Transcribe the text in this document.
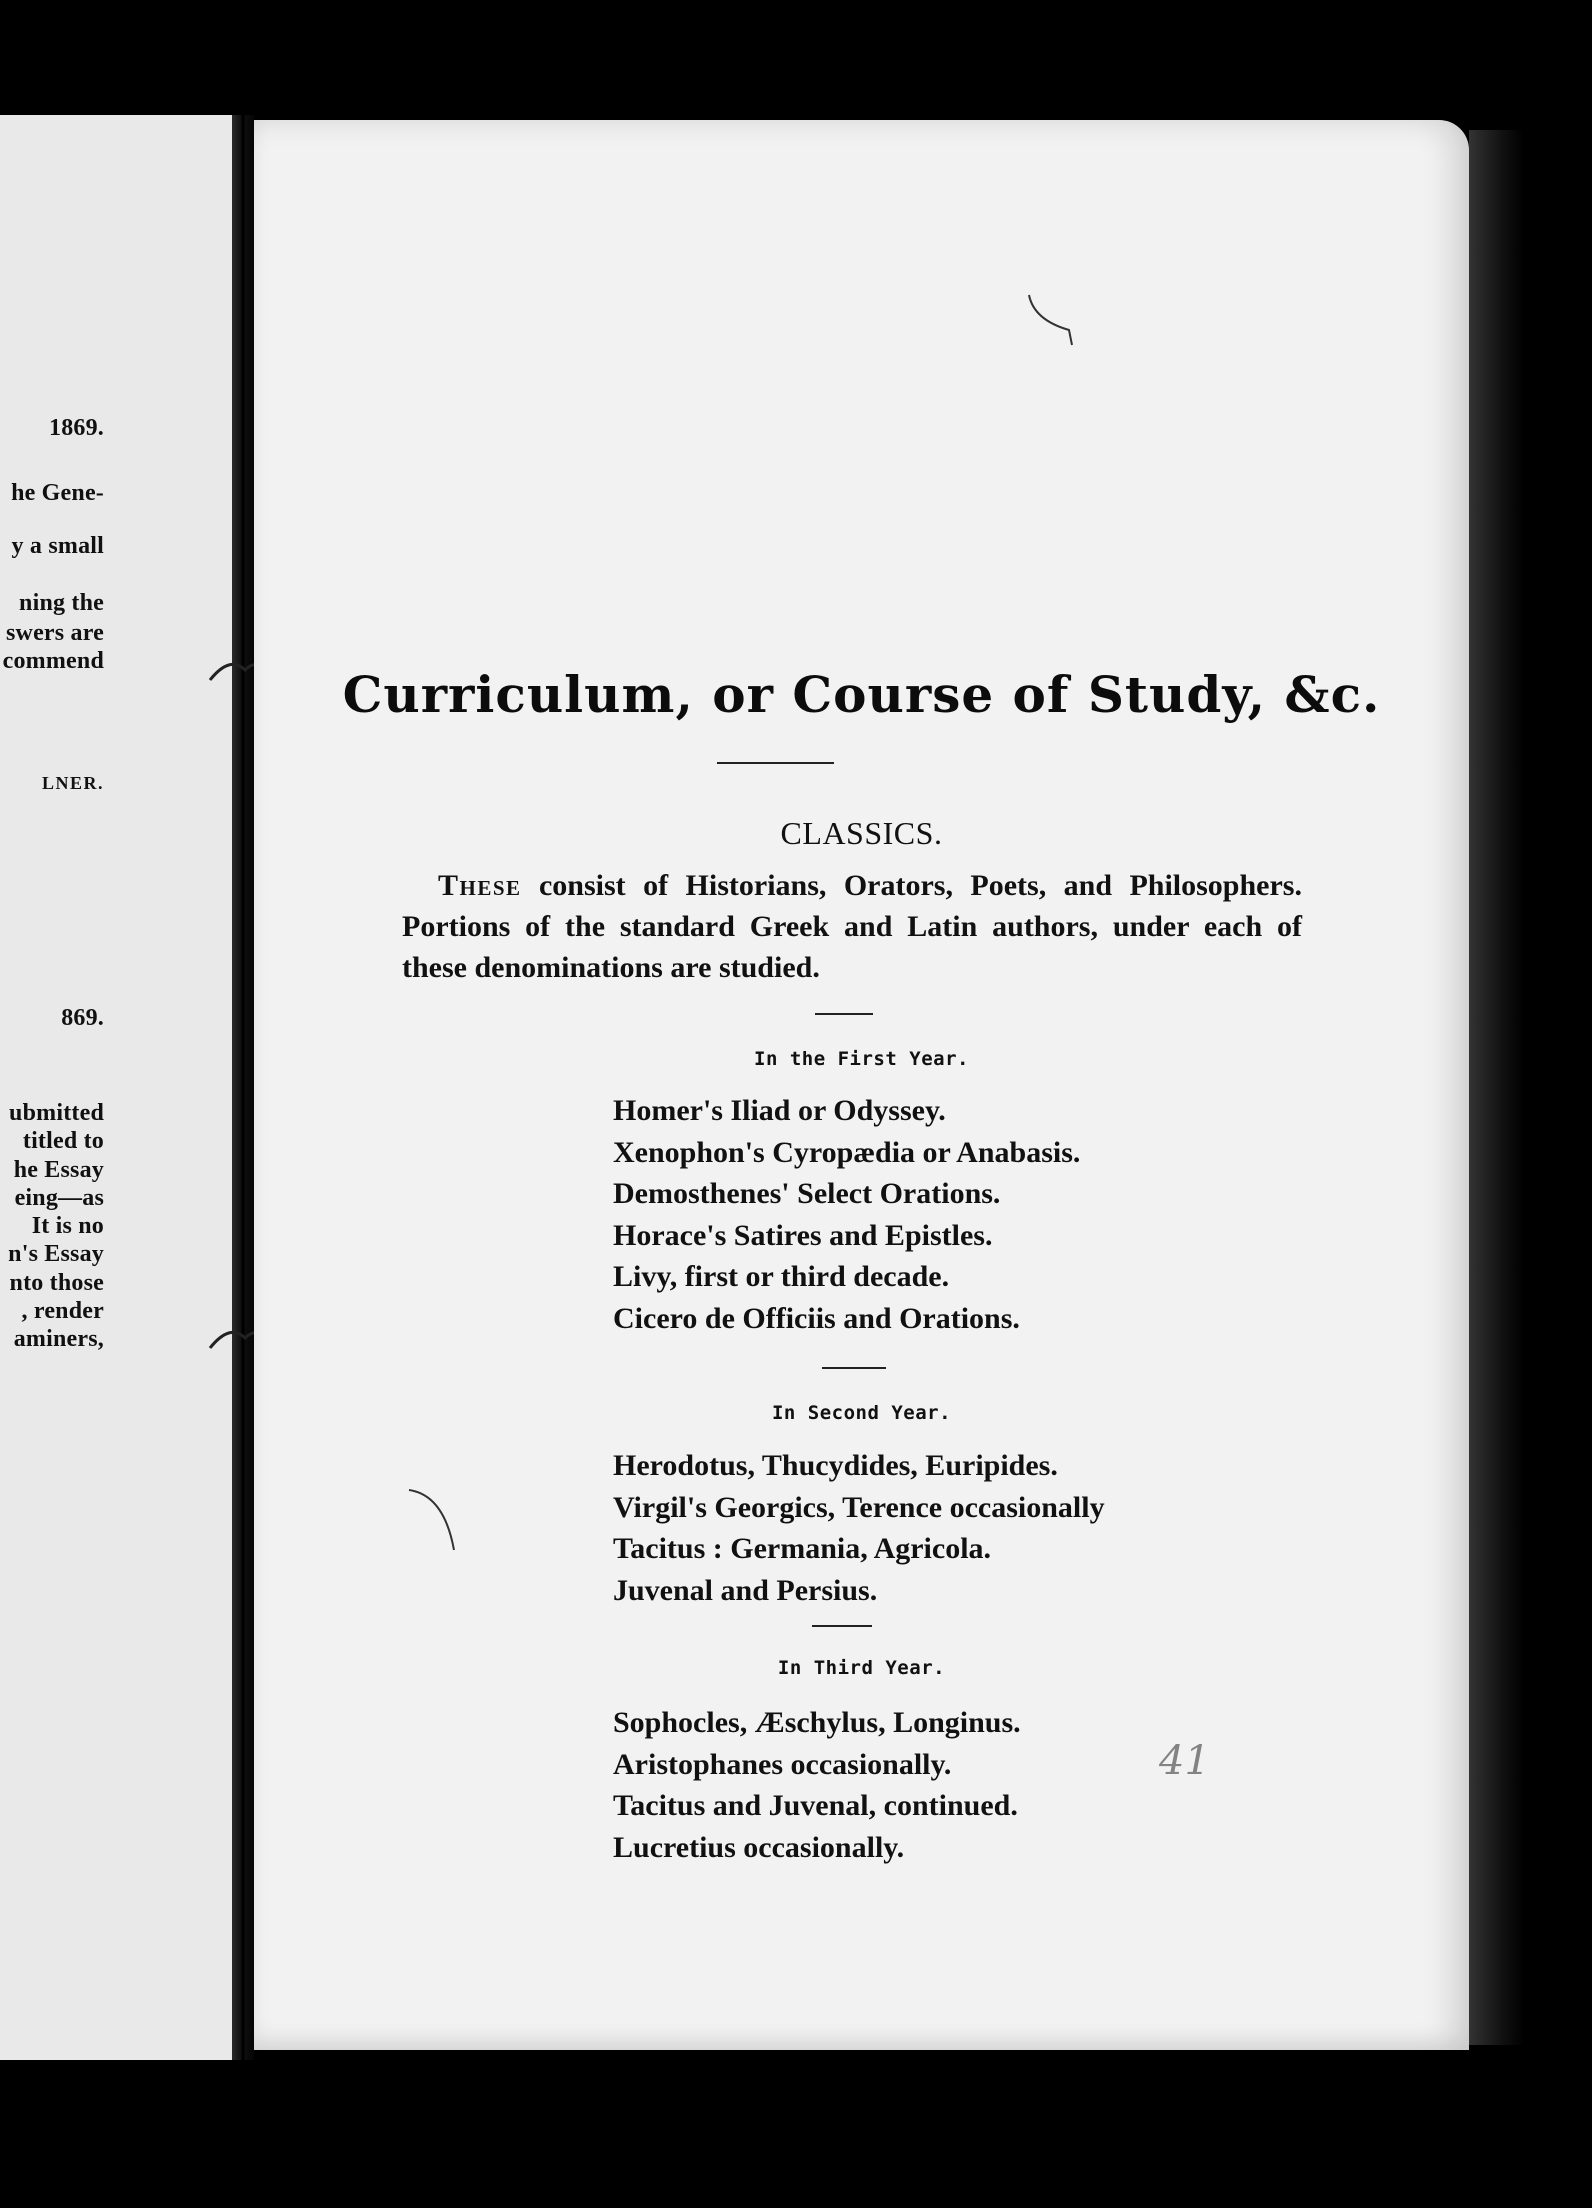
1869.
he Gene-
y a small
ning the
swers are
commend
LNER.
869.
ubmitted
titled to
he Essay
eing—as
It is no
n's Essay
nto those
, render
aminers,
Curriculum, or Course of Study, &c.
CLASSICS.
These consist of Historians, Orators, Poets, and Philosophers.
Portions of the standard Greek and Latin authors, under each of
these denominations are studied.
In the First Year.
Homer's Iliad or Odyssey.
Xenophon's Cyropædia or Anabasis.
Demosthenes' Select Orations.
Horace's Satires and Epistles.
Livy, first or third decade.
Cicero de Officiis and Orations.
In Second Year.
Herodotus, Thucydides, Euripides.
Virgil's Georgics, Terence occasionally
Tacitus : Germania, Agricola.
Juvenal and Persius.
In Third Year.
Sophocles, Æschylus, Longinus.
Aristophanes occasionally.
Tacitus and Juvenal, continued.
Lucretius occasionally.
41
